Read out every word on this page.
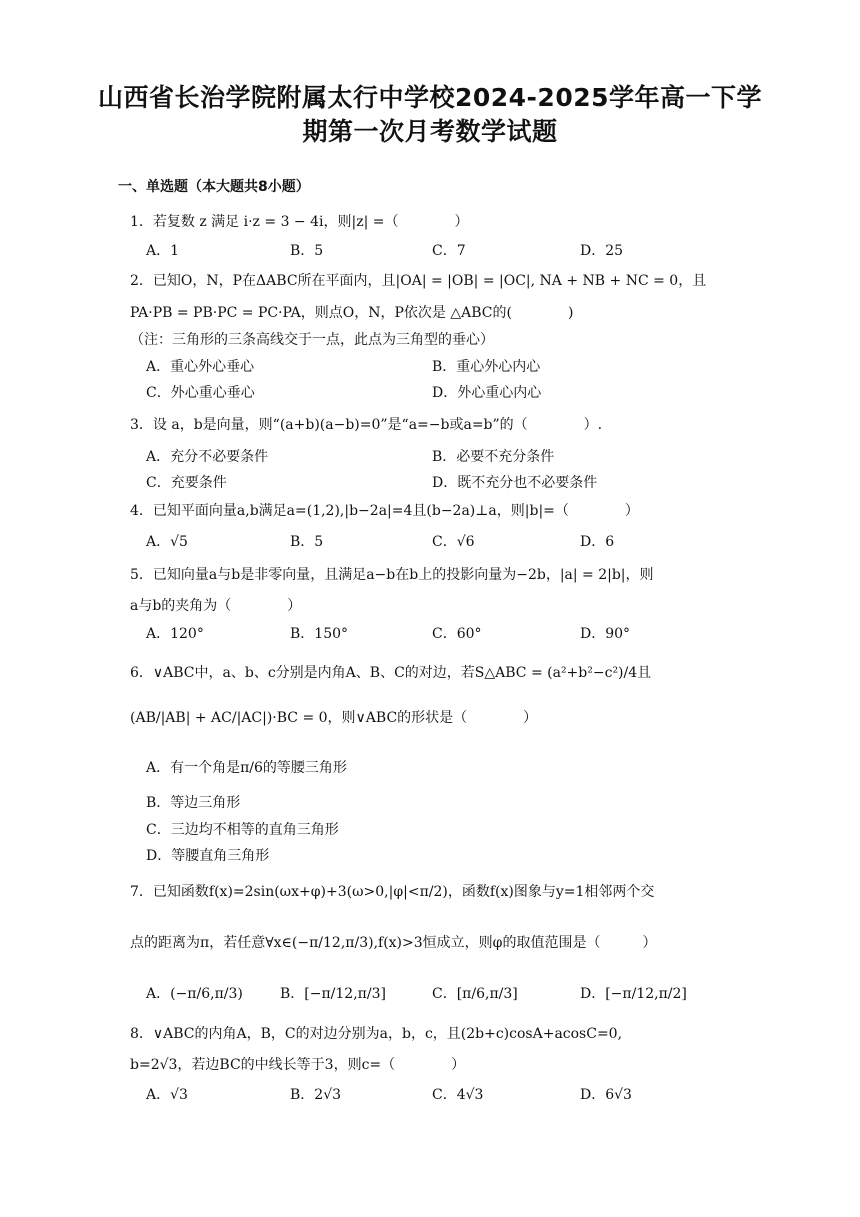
山西省长治学院附属太行中学校2024-2025学年高一下学
期第一次月考数学试题
一、单选题（本大题共8小题）
1．若复数 z 满足 i·z = 3 − 4i，则|z| =（　　　　）
A．1	B．5	C．7	D．25
2．已知O，N，P在ΔABC所在平面内，且|OA| = |OB| = |OC|, NA + NB + NC = 0，且
PA·PB = PB·PC = PC·PA，则点O，N，P依次是 △ABC的(　　　　)
（注：三角形的三条高线交于一点，此点为三角型的垂心）
A．重心外心垂心	B．重心外心内心
C．外心重心垂心	D．外心重心内心
3．设 a，b是向量，则“(a+b)(a−b)=0”是“a=−b或a=b”的（　　　　）.
A．充分不必要条件	B．必要不充分条件
C．充要条件	D．既不充分也不必要条件
4．已知平面向量a,b满足a=(1,2),|b−2a|=4且(b−2a)⊥a，则|b|=（　　　　）
A．√5	B．5	C．√6	D．6
5．已知向量a与b是非零向量，且满足a−b在b上的投影向量为−2b，|a| = 2|b|，则
a与b的夹角为（　　　　）
A．120°	B．150°	C．60°	D．90°
6．∨ABC中，a、b、c分别是内角A、B、C的对边，若S△ABC = (a²+b²−c²)/4且
(AB/|AB| + AC/|AC|)·BC = 0，则∨ABC的形状是（　　　　）
A．有一个角是π/6的等腰三角形
B．等边三角形
C．三边均不相等的直角三角形
D．等腰直角三角形
7．已知函数f(x)=2sin(ωx+φ)+3(ω>0,|φ|<π/2)，函数f(x)图象与y=1相邻两个交
点的距离为π，若任意∀x∈(−π/12,π/3),f(x)>3恒成立，则φ的取值范围是（　　　）
A．(−π/6,π/3)	B．[−π/12,π/3]	C．[π/6,π/3]	D．[−π/12,π/2]
8．∨ABC的内角A，B，C的对边分别为a，b，c，且(2b+c)cosA+acosC=0,
b=2√3，若边BC的中线长等于3，则c=（　　　　）
A．√3	B．2√3	C．4√3	D．6√3
